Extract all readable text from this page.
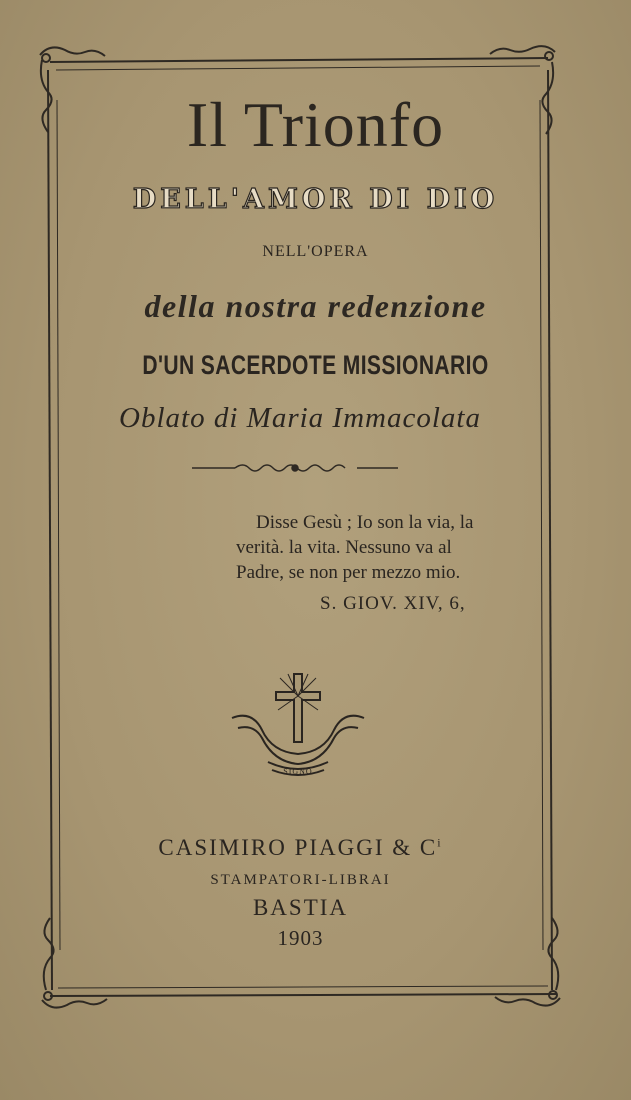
Il Trionfo
DELL'AMOR DI DIO
NELL'OPERA
della nostra redenzione
D'UN SACERDOTE MISSIONARIO
Oblato di Maria Immacolata
Disse Gesù ; Io son la via, la
verità. la vita. Nessuno va al
Padre, se non per mezzo mio.
S. GIOV. XIV, 6,
SIGNO
CASIMIRO PIAGGI & $C^i$
STAMPATORI-LIBRAI
BASTIA
1903
